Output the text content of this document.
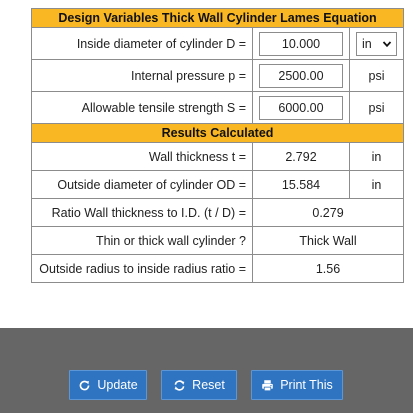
Design Variables Thick Wall Cylinder Lames Equation		
Inside diameter of cylinder D =	10.000	in

Internal pressure p =	2500.00	psi
Allowable tensile strength S =	6000.00	psi
Results Calculated		
Wall thickness t =	2.792	in
Outside diameter of cylinder OD =	15.584	in
Ratio Wall thickness to I.D. (t / D) =	0.279	
Thin or thick wall cylinder ?	Thick Wall	
Outside radius to inside radius ratio =	1.56	
Update	Reset	Print This
